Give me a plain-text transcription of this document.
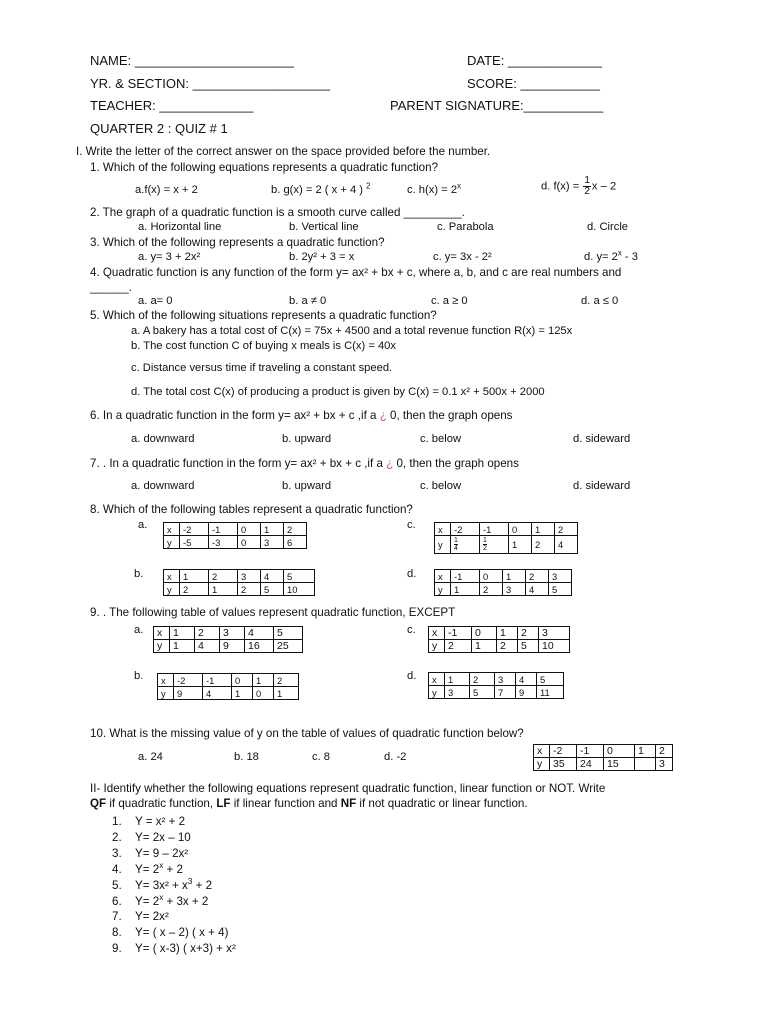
NAME: ______________________	DATE: _____________
YR. & SECTION: ___________________	SCORE: ___________
TEACHER: _____________	PARENT SIGNATURE:___________
QUARTER 2 : QUIZ # 1
I. Write the letter of the correct answer on the space provided before the number.
1. Which of the following equations represents a quadratic function?
a.f(x) = x + 2	b. g(x) = 2 ( x + 4 ) $^2$	c. $h(x) = 2^x$	d. $f(x) = \frac{1}{2}$ x – 2
2. The graph of a quadratic function is a smooth curve called _________.
a. Horizontal line	b. Vertical line	c. Parabola	d. Circle
3. Which of the following represents a quadratic function?
a. y= 3 + 2x²	b. 2y² + 3 = x	c. y= 3x - 2²	d. $y= 2^x - 3$
4. Quadratic function is any function of the form y= ax² + bx + c, where a, b, and c are real numbers and
______.
a. a= 0	b. a ≠ 0	c. a ≥ 0	d. a ≤ 0
5. Which of the following situations represents a quadratic function?
a. A bakery has a total cost of C(x) = 75x + 4500 and a total revenue function R(x) = 125x
b. The cost function C of buying x meals is C(x) = 40x
c. Distance versus time if traveling a constant speed.
d. The total cost C(x) of producing a product is given by C(x) = 0.1 x² + 500x + 2000
6. In a quadratic function in the form y= ax² + bx + c ,if a ¿ 0, then the graph opens
a. downward	b. upward	c. below	d. sideward
7. . In a quadratic function in the form y= ax² + bx + c ,if a ¿ 0, then the graph opens
a. downward	b. upward	c. below	d. sideward
8. Which of the following tables represent a quadratic function?
a.	c.
b.	d.
x	-2	-1	0	1	2
y	-5	-3	0	3	6
x	-2	-1	0	1	2
y	$\frac{1}{4}$	$\frac{1}{2}$	1	2	4
x	1	2	3	4	5
y	2	1	2	5	10
x	-1	0	1	2	3
y	1	2	3	4	5
9. . The following table of values represent quadratic function, EXCEPT
a.	c.
b.	d.
x	1	2	3	4	5
y	1	4	9	16	25
x	-1	0	1	2	3
y	2	1	2	5	10
x	-2	-1	0	1	2
y	9	4	1	0	1
x	1	2	3	4	5
y	3	5	7	9	11
10. What is the missing value of y on the table of values of quadratic function below?
a. 24	b. 18	c. 8	d. -2	x	-2	-1	0	1	2
y	35	24	15		3
II- Identify whether the following equations represent quadratic function, linear function or NOT. Write
QF if quadratic function, LF if linear function and NF if not quadratic or linear function.
1. Y = x² + 2
2. Y= 2x – 10
3. Y= 9 – 2x²
4. $Y= 2^x + 2$
5. $Y= 3x^2 + x^3 + 2$
6. $Y= 2^x + 3x + 2$
7. Y= 2x²
8. Y= ( x – 2) ( x + 4)
9. Y= ( x-3) ( x+3) + x²
